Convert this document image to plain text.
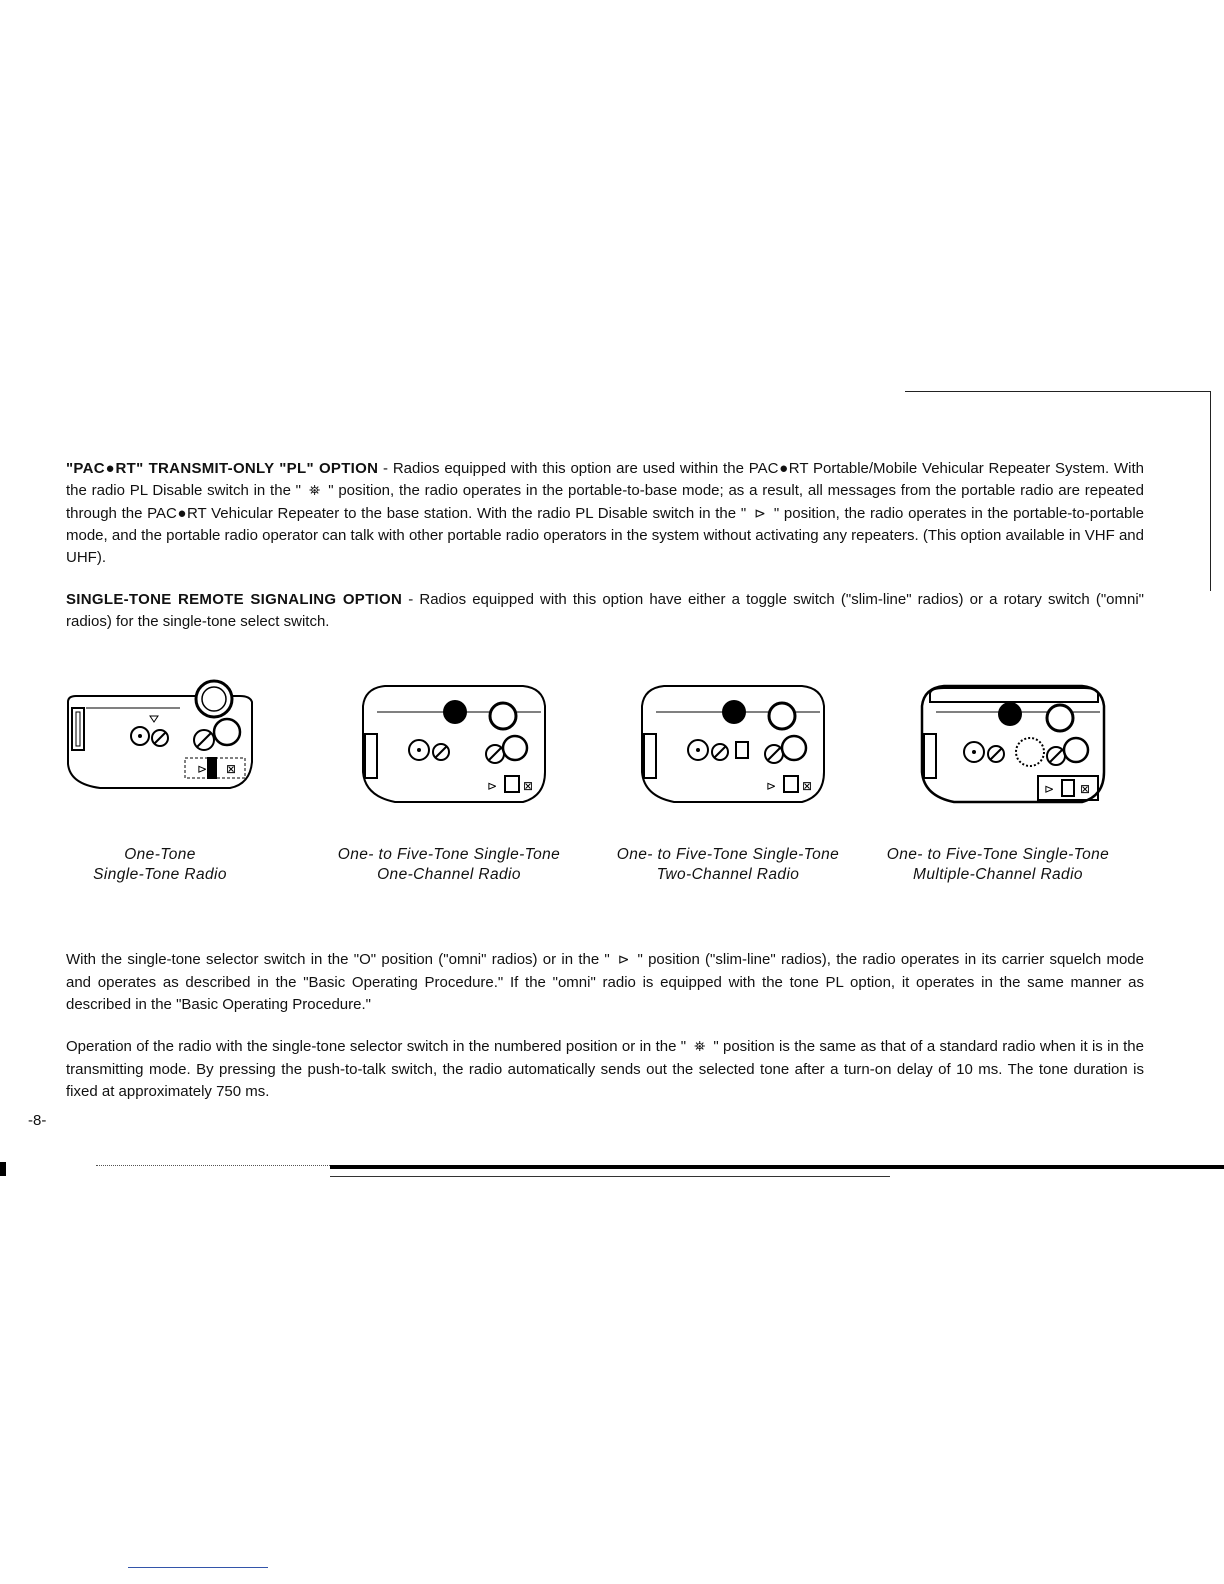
"PAC●RT" TRANSMIT-ONLY "PL" OPTION - Radios equipped with this option are used within the PAC●RT Portable/Mobile Vehicular Repeater System. With the radio PL Disable switch in the " ⛯ " position, the radio operates in the portable-to-base mode; as a result, all messages from the portable radio are repeated through the PAC●RT Vehicular Repeater to the base station. With the radio PL Disable switch in the " ⊳ " position, the radio operates in the portable-to-portable mode, and the portable radio operator can talk with other portable radio operators in the system without activating any repeaters. (This option available in VHF and UHF).

SINGLE-TONE REMOTE SIGNALING OPTION - Radios equipped with this option have either a toggle switch ("slim-line" radios) or a rotary switch ("omni" radios) for the single-tone select switch.

⊳ ⊠
⊳ ⊠	⊳ ⊠	⊳ ⊠

One-Tone
Single-Tone Radio

One- to Five-Tone Single-Tone
One-Channel Radio

One- to Five-Tone Single-Tone
Two-Channel Radio

One- to Five-Tone Single-Tone
Multiple-Channel Radio

With the single-tone selector switch in the "O" position ("omni" radios) or in the " ⊳ " position ("slim-line" radios), the radio operates in its carrier squelch mode and operates as described in the "Basic Operating Procedure." If the "omni" radio is equipped with the tone PL option, it operates in the same manner as described in the "Basic Operating Procedure."

Operation of the radio with the single-tone selector switch in the numbered position or in the " ⛯ " position is the same as that of a standard radio when it is in the transmitting mode. By pressing the push-to-talk switch, the radio automatically sends out the selected tone after a turn-on delay of 10 ms. The tone duration is fixed at approximately 750 ms.

-8-
